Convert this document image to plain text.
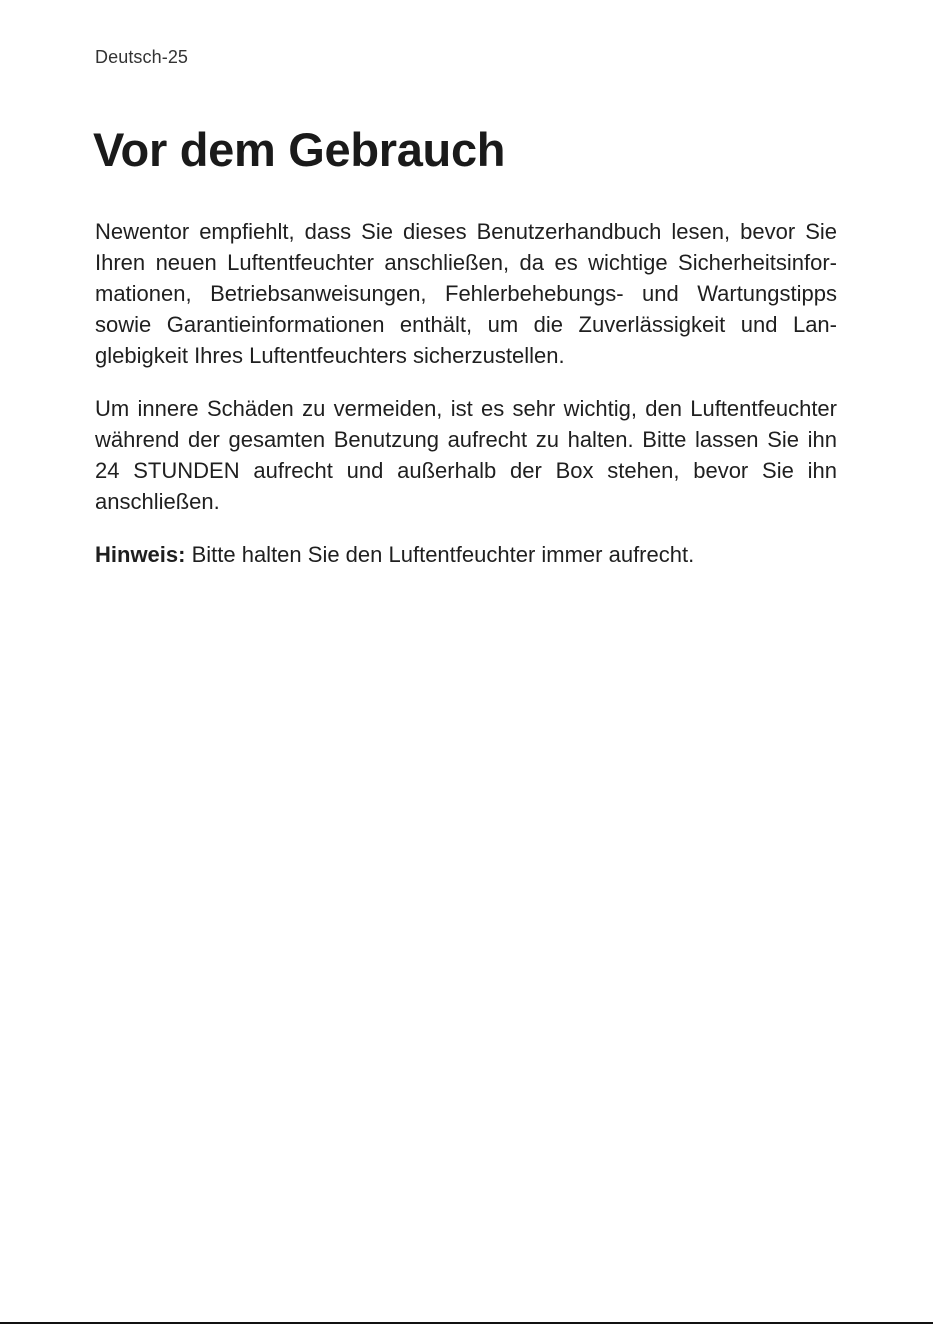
Deutsch-25
Vor dem Gebrauch

Newentor empfiehlt, dass Sie dieses Benutzerhandbuch lesen, bevor Sie Ihren neuen Luftentfeuchter anschließen, da es wichtige Sicherheitsinformationen, Betriebsanweisungen, Fehlerbehebungs- und Wartungstipps sowie Garantieinformationen enthält, um die Zuverlässigkeit und Langlebigkeit Ihres Luftentfeuchters sicherzustellen.

Um innere Schäden zu vermeiden, ist es sehr wichtig, den Luftentfeuchter während der gesamten Benutzung aufrecht zu halten. Bitte lassen Sie ihn 24 STUNDEN aufrecht und außerhalb der Box stehen, bevor Sie ihn anschließen.

Hinweis: Bitte halten Sie den Luftentfeuchter immer aufrecht.
